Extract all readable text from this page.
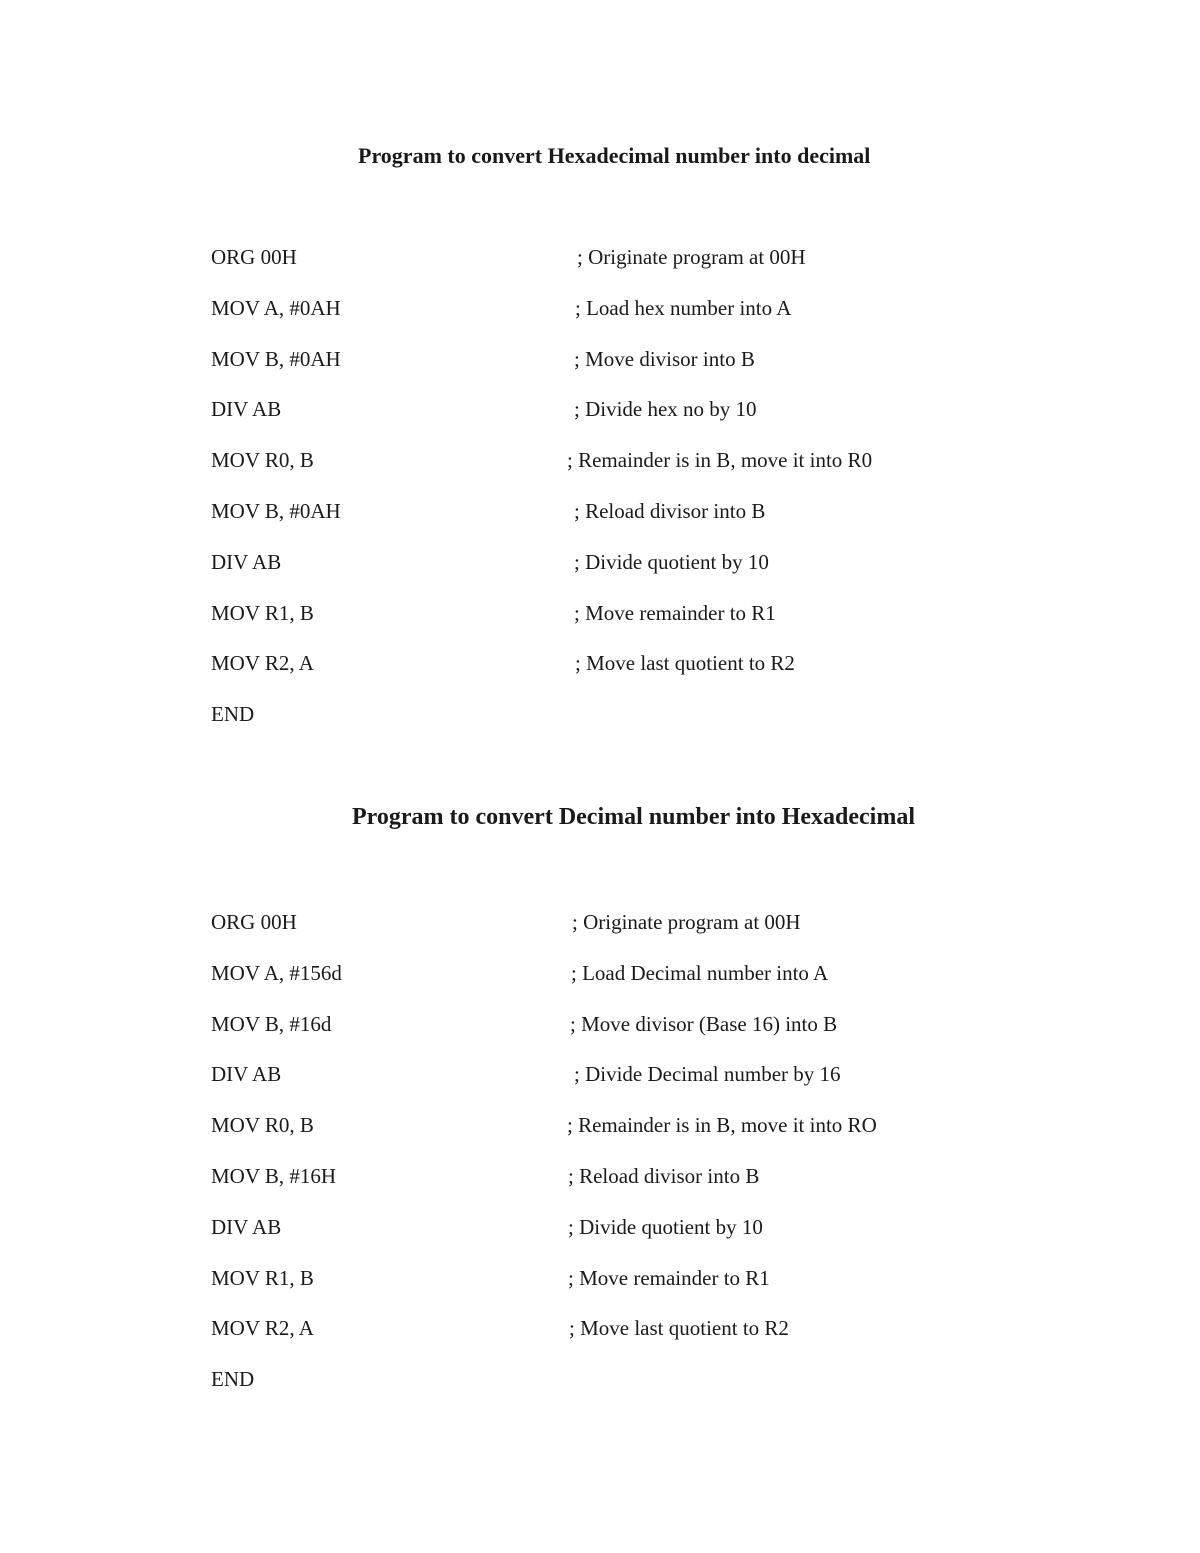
Program to convert Hexadecimal number into decimal
ORG 00H	; Originate program at 00H
MOV A, #0AH	; Load hex number into A
MOV B, #0AH	; Move divisor into B
DIV AB	; Divide hex no by 10
MOV R0, B	; Remainder is in B, move it into R0
MOV B, #0AH	; Reload divisor into B
DIV AB	; Divide quotient by 10
MOV R1, B	; Move remainder to R1
MOV R2, A	; Move last quotient to R2
END
Program to convert Decimal number into Hexadecimal
ORG 00H	; Originate program at 00H
MOV A, #156d	; Load Decimal number into A
MOV B, #16d	; Move divisor (Base 16) into B
DIV AB	; Divide Decimal number by 16
MOV R0, B	; Remainder is in B, move it into RO
MOV B, #16H	; Reload divisor into B
DIV AB	; Divide quotient by 10
MOV R1, B	; Move remainder to R1
MOV R2, A	; Move last quotient to R2
END
